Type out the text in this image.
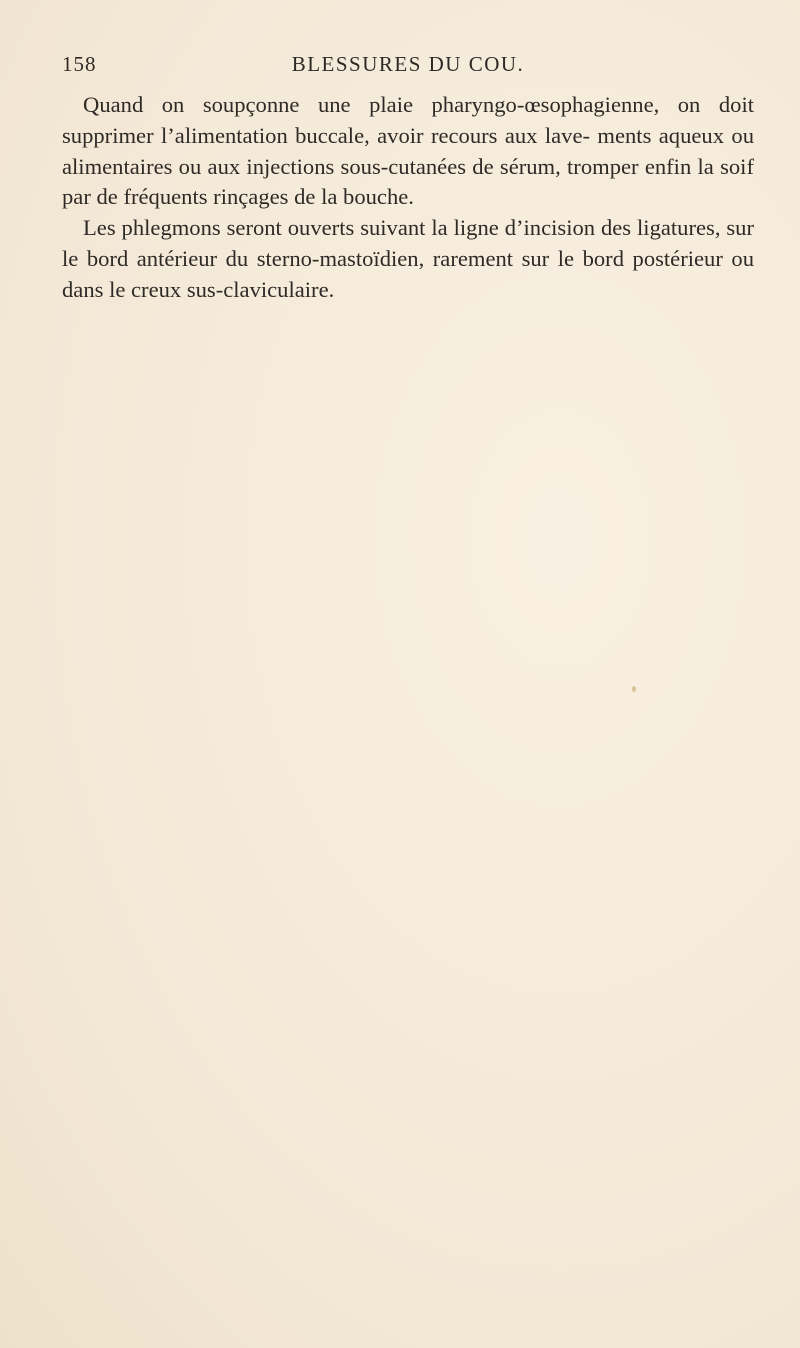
158	BLESSURES DU COU.

Quand on soupçonne une plaie pharyngo-œsophagienne, on doit supprimer l’alimentation buccale, avoir recours aux lave- ments aqueux ou alimentaires ou aux injections sous-cutanées de sérum, tromper enfin la soif par de fréquents rinçages de la bouche.

Les phlegmons seront ouverts suivant la ligne d’incision des ligatures, sur le bord antérieur du sterno-mastoïdien, rarement sur le bord postérieur ou dans le creux sus-claviculaire.
